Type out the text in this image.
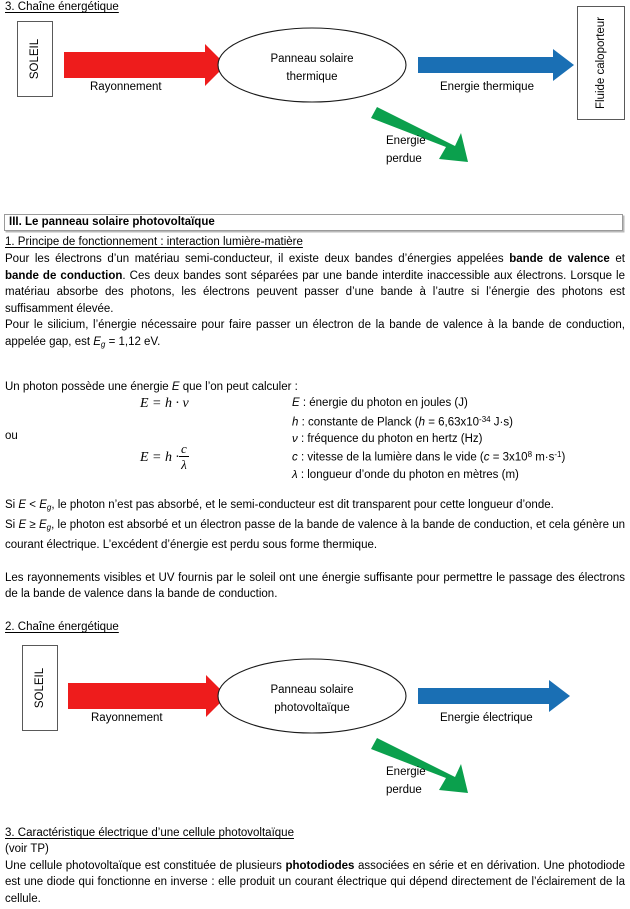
3. Chaîne énergétique
SOLEIL
Rayonnement
Panneau solaire
thermique
Energie thermique
Energie
perdue
Fluide caloporteur
III. Le panneau solaire photovoltaïque
1. Principe de fonctionnement : interaction lumière-matière
Pour les électrons d’un matériau semi-conducteur, il existe deux bandes d’énergies appelées bande de valence et bande de conduction. Ces deux bandes sont séparées par une bande interdite inaccessible aux électrons. Lorsque le matériau absorbe des photons, les électrons peuvent passer d’une bande à l’autre si l’énergie des photons est suffisamment élevée.
Pour le silicium, l’énergie nécessaire pour faire passer un électron de la bande de valence à la bande de conduction, appelée gap, est $E_g = 1,12$ eV.
Un photon possède une énergie E que l’on peut calculer :
E = h · ν
ou
$E = h \cdot \frac{c}{\lambda}$
E : énergie du photon en joules (J)
h : constante de Planck ($h = 6,63x10^{-34}$ J·s)
ν : fréquence du photon en hertz (Hz)
c : vitesse de la lumière dans le vide ($c = 3x10^8$ $m\cdot s^{-1}$)
λ : longueur d’onde du photon en mètres (m)
Si $E < E_g$, le photon n’est pas absorbé, et le semi-conducteur est dit transparent pour cette longueur d’onde.
Si $E \ge E_g$, le photon est absorbé et un électron passe de la bande de valence à la bande de conduction, et cela génère un courant électrique. L’excédent d’énergie est perdu sous forme thermique.
Les rayonnements visibles et UV fournis par le soleil ont une énergie suffisante pour permettre le passage des électrons de la bande de valence dans la bande de conduction.
2. Chaîne énergétique
SOLEIL
Rayonnement
Panneau solaire
photovoltaïque
Energie électrique
Energie
perdue
3. Caractéristique électrique d’une cellule photovoltaïque
(voir TP)
Une cellule photovoltaïque est constituée de plusieurs photodiodes associées en série et en dérivation. Une photodiode est une diode qui fonctionne en inverse : elle produit un courant électrique qui dépend directement de l’éclairement de la cellule.
